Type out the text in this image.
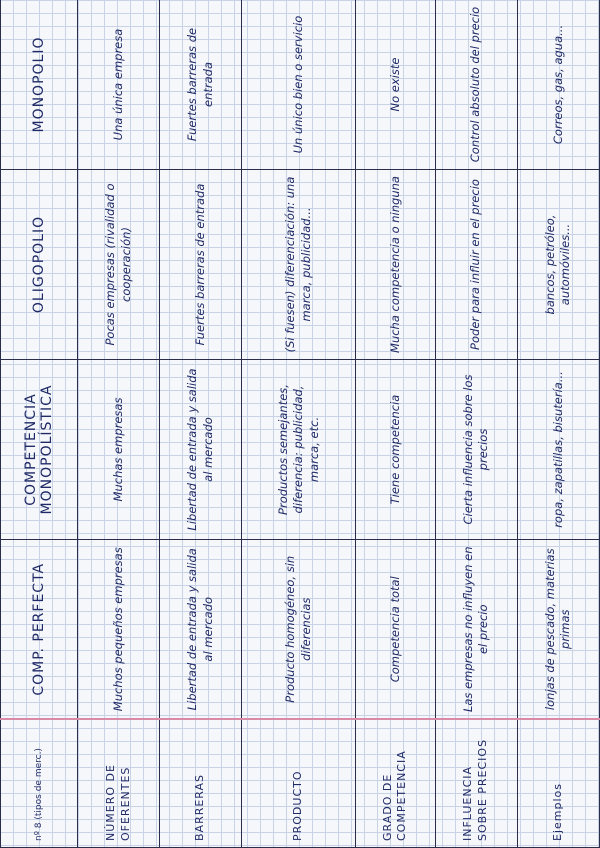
nº 8 (tipos de merc.)	COMP. PERFECTA	COMPETENCIA MONOPOLÍSTICA	OLIGOPOLIO	MONOPOLIO
NÚMERO DE OFERENTES	Muchos pequeños empresas	Muchas empresas	Pocas empresas (rivalidad o cooperación)	Una única empresa
BARRERAS	Libertad de entrada y salida al mercado	Libertad de entrada y salida al mercado	Fuertes barreras de entrada	Fuertes barreras de entrada
PRODUCTO	Producto homogéneo, sin diferencias	Productos semejantes, diferencia: publicidad, marca, etc.	(Si fuesen) diferenciación: una marca, publicidad...	Un único bien o servicio
GRADO DE COMPETENCIA	Competencia total	Tiene competencia	Mucha competencia o ninguna	No existe
INFLUENCIA SOBRE PRECIOS	Las empresas no influyen en el precio	Cierta influencia sobre los precios	Poder para influir en el precio	Control absoluto del precio
Ejemplos	lonjas de pescado, materias primas	ropa, zapatillas, bisutería...	bancos, petróleo, automóviles...	Correos, gas, agua...
